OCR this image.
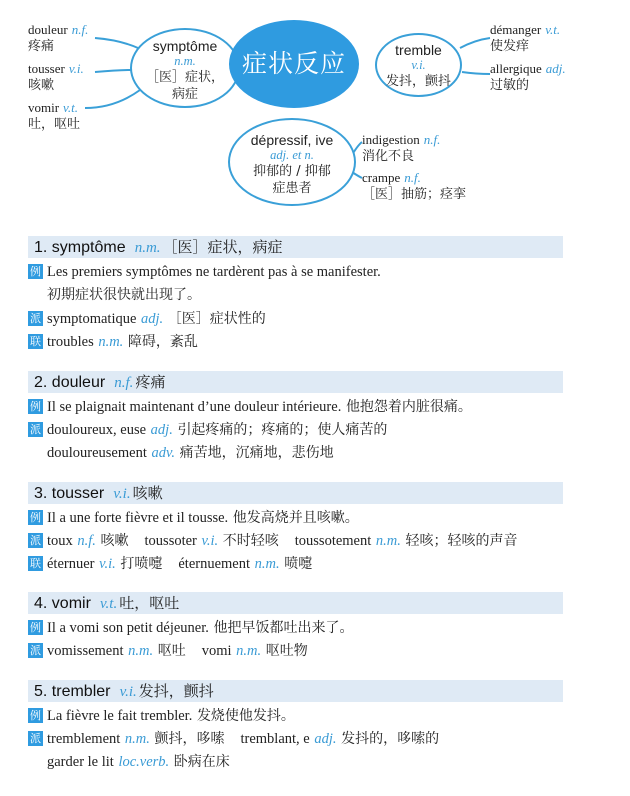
douleur n.f.
疼痛
tousser v.i.
咳嗽
vomir v.t.
吐，呕吐
symptôme
n.m.
［医］症状，
病症
症状反应	tremble
v.i.
发抖，颤抖
dépressif, ive
adj. et n.
抑郁的 / 抑郁
症患者
démanger v.t.
使发痒
allergique adj.
过敏的
indigestion n.f.
消化不良
crampe n.f.
［医］抽筋；痉挛
1. symptôme n.m. ［医］症状，病症
例 Les premiers symptômes ne tardèrent pas à se manifester.
初期症状很快就出现了。
派 symptomatique adj. ［医］症状性的
联 troubles n.m. 障碍，紊乱
2. douleur n.f. 疼痛
例 Il se plaignait maintenant d’une douleur intérieure. 他抱怨着内脏很痛。
派 douloureux, euse adj. 引起疼痛的；疼痛的；使人痛苦的
douloureusement adv. 痛苦地，沉痛地，悲伤地
3. tousser v.i. 咳嗽
例 Il a une forte fièvre et il tousse. 他发高烧并且咳嗽。
派 toux n.f. 咳嗽 toussoter v.i. 不时轻咳 toussotement n.m. 轻咳；轻咳的声音
联 éternuer v.i. 打喷嚏 éternuement n.m. 喷嚏
4. vomir v.t. 吐，呕吐
例 Il a vomi son petit déjeuner. 他把早饭都吐出来了。
派 vomissement n.m. 呕吐 vomi n.m. 呕吐物
5. trembler v.i. 发抖，颤抖
例 La fièvre le fait trembler. 发烧使他发抖。
派 tremblement n.m. 颤抖，哆嗦 tremblant, e adj. 发抖的，哆嗦的
garder le lit loc.verb. 卧病在床
